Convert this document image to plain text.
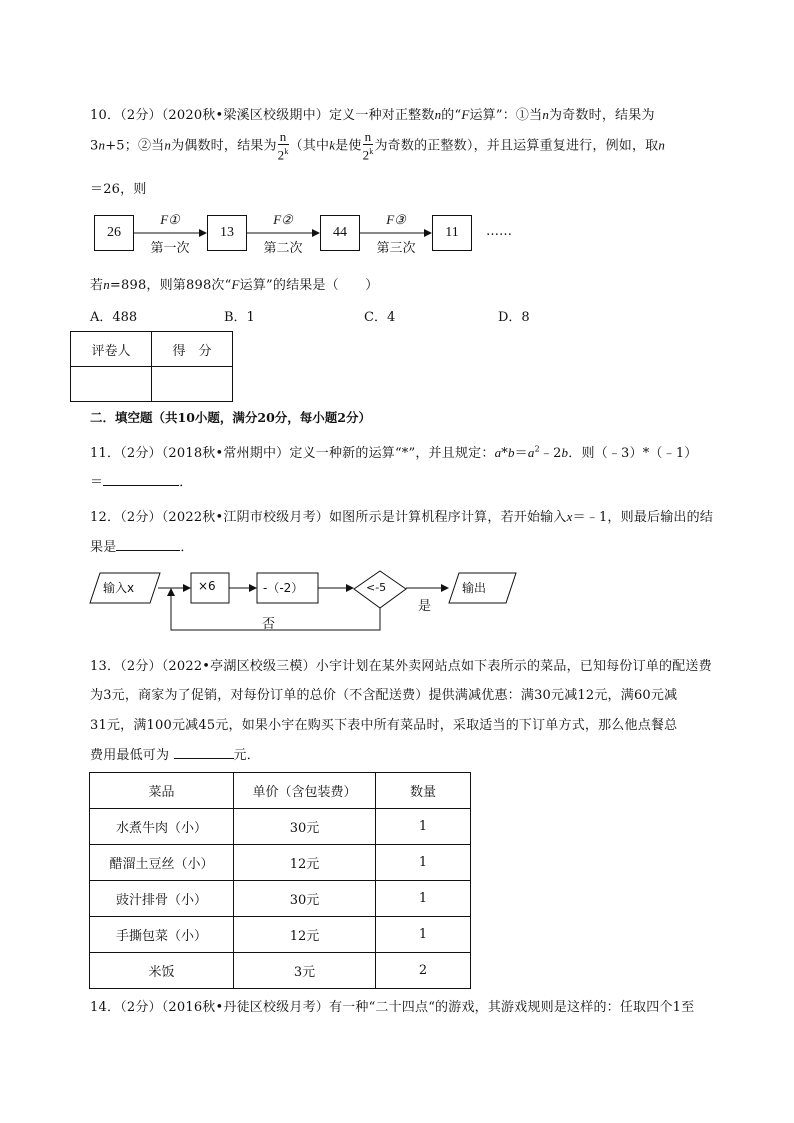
10．（2分）（2020秋•梁溪区校级期中）定义一种对正整数n的“F运算”：①当n为奇数时，结果为
3n+5；②当n为偶数时，结果为 $\frac{n}{2^k}$ （其中k是使 $\frac{n}{2^k}$ 为奇数的正整数），并且运算重复进行，例如，取n
＝26，则
26	13	44	11
F①	F②	F③
第一次	第二次	第三次
……
若n=898，则第898次“F运算”的结果是（　　）
A．488	B．1	C．4	D．8
评卷人	得　分

二．填空题（共10小题，满分20分，每小题2分）
11．（2分）（2018秋•常州期中）定义一种新的运算“*”，并且规定：$a*b=a^2﹣2b$．则（﹣3）*（﹣1）
＝	．
12．（2分）（2022秋•江阴市校级月考）如图所示是计算机程序计算，若开始输入x＝﹣1，则最后输出的结
果是	．
输入x	×6	-（-2）	<-5
是
否
输出
13．（2分）（2022•亭湖区校级三模）小宇计划在某外卖网站点如下表所示的菜品，已知每份订单的配送费
为3元，商家为了促销，对每份订单的总价（不含配送费）提供满减优惠：满30元减12元，满60元减
31元，满100元减45元，如果小宇在购买下表中所有菜品时，采取适当的下订单方式，那么他点餐总
费用最低可为	元．
菜品	单价（含包装费）	数量
水煮牛肉（小）	30元	1
醋溜土豆丝（小）	12元	1
豉汁排骨（小）	30元	1
手撕包菜（小）	12元	1
米饭	3元	2
14．（2分）（2016秋•丹徒区校级月考）有一种“二十四点“的游戏，其游戏规则是这样的：任取四个1至
